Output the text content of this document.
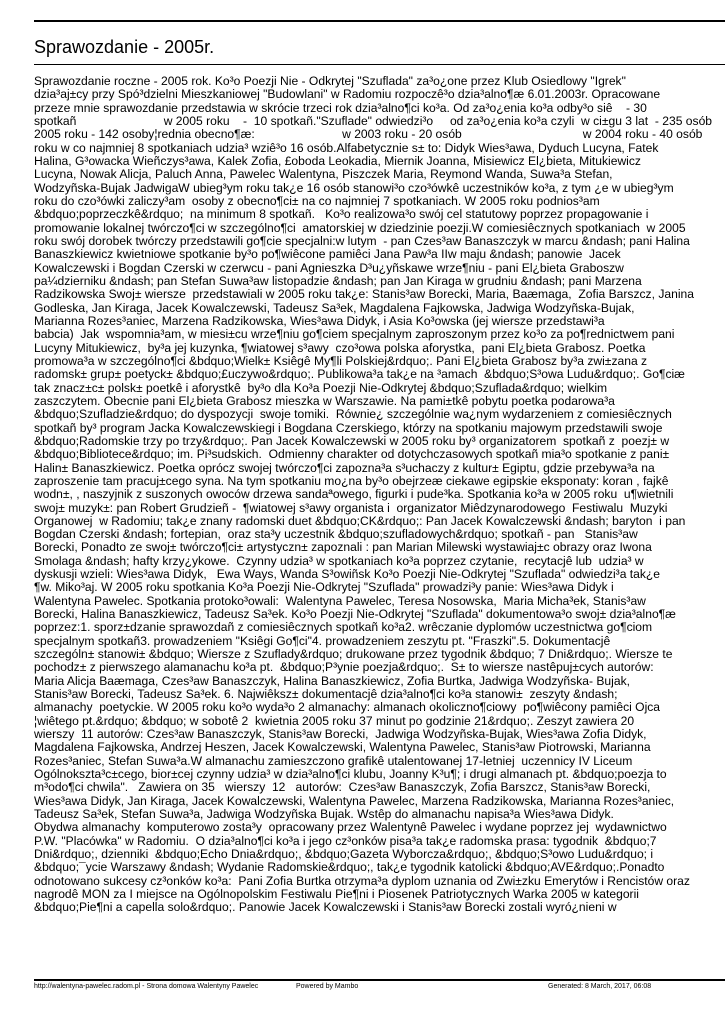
Sprawozdanie - 2005r.
Sprawozdanie roczne - 2005 rok. Ko³o Poezji Nie - Odkrytej "Szuflada" za³o¿one przez Klub Osiedlowy "Igrek"
dzia³aj±cy przy Spó³dzielni Mieszkaniowej "Budowlani" w Radomiu rozpoczê³o dzia³alno¶æ 6.01.2003r. Opracowane
przeze mnie sprawozdanie przedstawia w skrócie trzeci rok dzia³alno¶ci ko³a. Od za³o¿enia ko³a odby³o siê    - 30
spotkañ                          w 2005 roku    -  10 spotkañ."Szuflade" odwiedzi³o     od za³o¿enia ko³a czyli  w ci±gu 3 lat  - 235 osób
2005 roku - 142 osoby¦rednia obecno¶æ:                          w 2003 roku - 20 osób                                    w 2004 roku - 40 osób
roku w co najmniej 8 spotkaniach udzia³ wziê³o 16 osób.Alfabetycznie s± to: Didyk Wies³awa, Dyduch Lucyna, Fatek
Halina, G³owacka Wieñczys³awa, Kalek Zofia, £oboda Leokadia, Miernik Joanna, Misiewicz El¿bieta, Mitukiewicz
Lucyna, Nowak Alicja, Paluch Anna, Pawelec Walentyna, Piszczek Maria, Reymond Wanda, Suwa³a Stefan,
Wodzyñska-Bujak JadwigaW ubieg³ym roku tak¿e 16 osób stanowi³o czo³ówkê uczestników ko³a, z tym ¿e w ubieg³ym
roku do czo³ówki zaliczy³am  osoby z obecno¶ci± na co najmniej 7 spotkaniach. W 2005 roku podnios³am
&bdquo;poprzeczkê&rdquo;  na minimum 8 spotkañ.   Ko³o realizowa³o swój cel statutowy poprzez propagowanie i
promowanie lokalnej twórczo¶ci w szczególno¶ci  amatorskiej w dziedzinie poezji.W comiesiêcznych spotkaniach  w 2005
roku swój dorobek twórczy przedstawili go¶cie specjalni:w lutym  - pan Czes³aw Banaszczyk w marcu &ndash; pani Halina
Banaszkiewicz kwietniowe spotkanie by³o po¶wiêcone pamiêci Jana Paw³a IIw maju &ndash; panowie  Jacek
Kowalczewski i Bogdan Czerski w czerwcu - pani Agnieszka D³u¿yñskawe wrze¶niu - pani El¿bieta Graboszw
pa¼dzierniku &ndash; pan Stefan Suwa³aw listopadzie &ndash; pan Jan Kiraga w grudniu &ndash; pani Marzena
Radzikowska Swoj± wiersze  przedstawiali w 2005 roku tak¿e: Stanis³aw Borecki, Maria, Baæmaga,  Zofia Barszcz, Janina
Godleska, Jan Kiraga, Jacek Kowalczewski, Tadeusz Sa³ek, Magdalena Fajkowska, Jadwiga Wodzyñska-Bujak,
Marianna Rozes³aniec, Marzena Radzikowska, Wies³awa Didyk, i Asia Ko³owska (jej wiersze przedstawi³a
babcia)  Jak  wspomnia³am, w miesi±cu wrze¶niu go¶ciem specjalnym zaproszonym przez ko³o za po¶rednictwem pani
Lucyny Mitukiewicz,  by³a jej kuzynka, ¶wiatowej s³awy  czo³owa polska aforystka,  pani El¿bieta Grabosz. Poetka
promowa³a w szczególno¶ci &bdquo;Wielk± Ksiêgê My¶li Polskiej&rdquo;. Pani El¿bieta Grabosz by³a zwi±zana z
radomsk± grup± poetyck± &bdquo;£uczywo&rdquo;. Publikowa³a tak¿e na ³amach  &bdquo;S³owa Ludu&rdquo;. Go¶ciæ
tak znacz±c± polsk± poetkê i aforystkê  by³o dla Ko³a Poezji Nie-Odkrytej &bdquo;Szuflada&rdquo; wielkim
zaszczytem. Obecnie pani El¿bieta Grabosz mieszka w Warszawie. Na pami±tkê pobytu poetka podarowa³a
&bdquo;Szufladzie&rdquo; do dyspozycji  swoje tomiki.  Równie¿ szczególnie wa¿nym wydarzeniem z comiesiêcznych
spotkañ by³ program Jacka Kowalczewskiegi i Bogdana Czerskiego, którzy na spotkaniu majowym przedstawili swoje
&bdquo;Radomskie trzy po trzy&rdquo;. Pan Jacek Kowalczewski w 2005 roku by³ organizatorem  spotkañ z  poezj± w
&bdquo;Bibliotece&rdquo; im. Pi³sudskich.  Odmienny charakter od dotychczasowych spotkañ mia³o spotkanie z pani±
Halin± Banaszkiewicz. Poetka oprócz swojej twórczo¶ci zapozna³a s³uchaczy z kultur± Egiptu, gdzie przebywa³a na
zaproszenie tam pracuj±cego syna. Na tym spotkaniu mo¿na by³o obejrzeæ ciekawe egipskie eksponaty: koran , fajkê
wodn±, , naszyjnik z suszonych owoców drzewa sandaªowego, figurki i pude³ka. Spotkania ko³a w 2005 roku  u¶wietnili
swoj± muzyk±: pan Robert Grudzieñ -  ¶wiatowej s³awy organista i  organizator Miêdzynarodowego  Festiwalu  Muzyki
Organowej  w Radomiu; tak¿e znany radomski duet &bdquo;CK&rdquo;: Pan Jacek Kowalczewski &ndash; baryton  i pan
Bogdan Czerski &ndash; fortepian,  oraz sta³y uczestnik &bdquo;szufladowych&rdquo; spotkañ - pan   Stanis³aw
Borecki, Ponadto ze swoj± twórczo¶ci± artystyczn± zapoznali : pan Marian Milewski wystawiaj±c obrazy oraz Iwona
Smolaga &ndash; hafty krzy¿ykowe.  Czynny udzia³ w spotkaniach ko³a poprzez czytanie,  recytacjê lub  udzia³ w
dyskusji wzieli: Wies³awa Didyk,   Ewa Ways, Wanda S³owiñsk Ko³o Poezji Nie-Odkrytej "Szuflada" odwiedzi³a tak¿e
¶w. Miko³aj. W 2005 roku spotkania Ko³a Poezji Nie-Odkrytej "Szuflada" prowadzi³y panie: Wies³awa Didyk i
Walentyna Pawelec. Spotkania protoko³owali:  Walentyna Pawelec, Teresa Nosowska,  Maria Micha³ek, Stanis³aw
Borecki, Halina Banaszkiewicz, Tadeusz Sa³ek. Ko³o Poezji Nie-Odkrytej "Szuflada" dokumentowa³o swoj± dzia³alno¶æ
poprzez:1. sporz±dzanie sprawozdañ z comiesiêcznych spotkañ ko³a2. wrêczanie dyplomów uczestnictwa go¶ciom
specjalnym spotkañ3. prowadzeniem "Ksiêgi Go¶ci"4. prowadzeniem zeszytu pt. "Fraszki".5. Dokumentacjê
szczególn± stanowi± &bdquo; Wiersze z Szuflady&rdquo; drukowane przez tygodnik &bdquo; 7 Dni&rdquo;. Wiersze te
pochodz± z pierwszego alamanachu ko³a pt.  &bdquo;P³ynie poezja&rdquo;.  S± to wiersze nastêpuj±cych autorów:
Maria Alicja Baæmaga, Czes³aw Banaszczyk, Halina Banaszkiewicz, Zofia Burtka, Jadwiga Wodzyñska- Bujak,
Stanis³aw Borecki, Tadeusz Sa³ek. 6. Najwiêksz± dokumentacjê dzia³alno¶ci ko³a stanowi±  zeszyty &ndash;
almanachy  poetyckie. W 2005 roku ko³o wyda³o 2 almanachy: almanach okoliczno¶ciowy  po¶wiêcony pamiêci Ojca
¦wiêtego pt.&rdquo; &bdquo; w sobotê 2  kwietnia 2005 roku 37 minut po godzinie 21&rdquo;. Zeszyt zawiera 20
wierszy  11 autorów: Czes³aw Banaszczyk, Stanis³aw Borecki,  Jadwiga Wodzyñska-Bujak, Wies³awa Zofia Didyk,
Magdalena Fajkowska, Andrzej Heszen, Jacek Kowalczewski, Walentyna Pawelec, Stanis³aw Piotrowski, Marianna
Rozes³aniec, Stefan Suwa³a.W almanachu zamieszczono grafikê utalentowanej 17-letniej  uczennicy IV Liceum
Ogólnokszta³c±cego, bior±cej czynny udzia³ w dzia³alno¶ci klubu, Joanny K³u¶; i drugi almanach pt. &bdquo;poezja to
m³odo¶ci chwila".   Zawiera on 35   wierszy  12   autorów:  Czes³aw Banaszczyk, Zofia Barszcz, Stanis³aw Borecki,
Wies³awa Didyk, Jan Kiraga, Jacek Kowalczewski, Walentyna Pawelec, Marzena Radzikowska, Marianna Rozes³aniec,
Tadeusz Sa³ek, Stefan Suwa³a, Jadwiga Wodzyñska Bujak. Wstêp do almanachu napisa³a Wies³awa Didyk.
Obydwa almanachy  komputerowo zosta³y  opracowany przez Walentynê Pawelec i wydane poprzez jej  wydawnictwo
P.W. "Placówka" w Radomiu.  O dzia³alno¶ci ko³a i jego cz³onków pisa³a tak¿e radomska prasa: tygodnik  &bdquo;7
Dni&rdquo;, dzienniki  &bdquo;Echo Dnia&rdquo;, &bdquo;Gazeta Wyborcza&rdquo;, &bdquo;S³owo Ludu&rdquo; i
&bdquo;¯ycie Warszawy &ndash; Wydanie Radomskie&rdquo;, tak¿e tygodnik katolicki &bdquo;AVE&rdquo;.Ponadto
odnotowano sukcesy cz³onków ko³a:  Pani Zofia Burtka otrzyma³a dyplom uznania od Zwi±zku Emerytów i Rencistów oraz
nagrodê MON za I miejsce na Ogólnopolskim Festiwalu Pie¶ni i Piosenek Patriotycznych Warka 2005 w kategorii
&bdquo;Pie¶ni a capella solo&rdquo;. Panowie Jacek Kowalczewski i Stanis³aw Borecki zostali wyró¿nieni w
http://walentyna-pawelec.radom.pl - Strona domowa Walentyny Pawelec	Powered by Mambo	Generated: 8 March, 2017, 06:08
